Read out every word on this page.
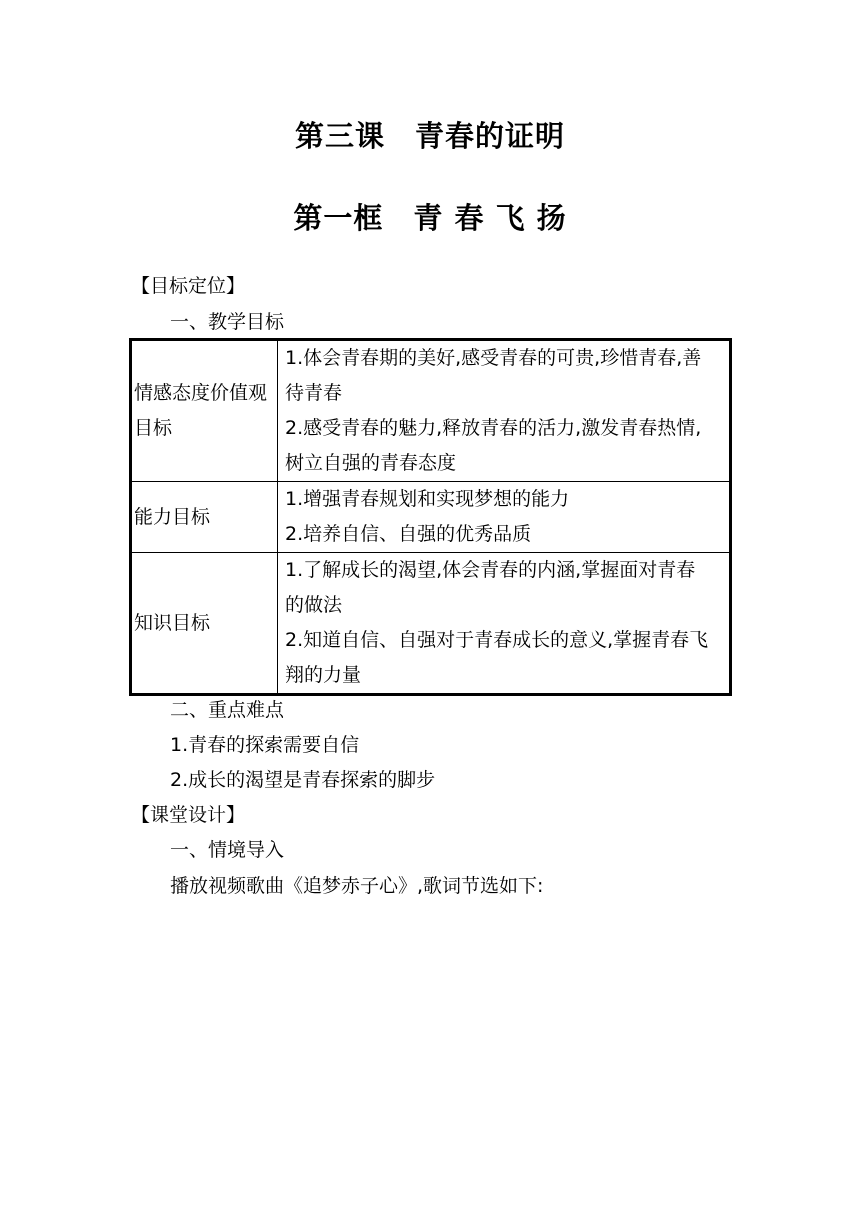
第三课　青春的证明
第一框　青 春 飞 扬
【目标定位】
一、教学目标
情感态度价值观
目标	1.体会青春期的美好,感受青春的可贵,珍惜青春,善
待青春
2.感受青春的魅力,释放青春的活力,激发青春热情,
树立自强的青春态度

能力目标	1.增强青春规划和实现梦想的能力
2.培养自信、自强的优秀品质

知识目标	1.了解成长的渴望,体会青春的内涵,掌握面对青春
的做法
2.知道自信、自强对于青春成长的意义,掌握青春飞
翔的力量
二、重点难点
1.青春的探索需要自信
2.成长的渴望是青春探索的脚步
【课堂设计】
一、情境导入
播放视频歌曲《追梦赤子心》,歌词节选如下:
